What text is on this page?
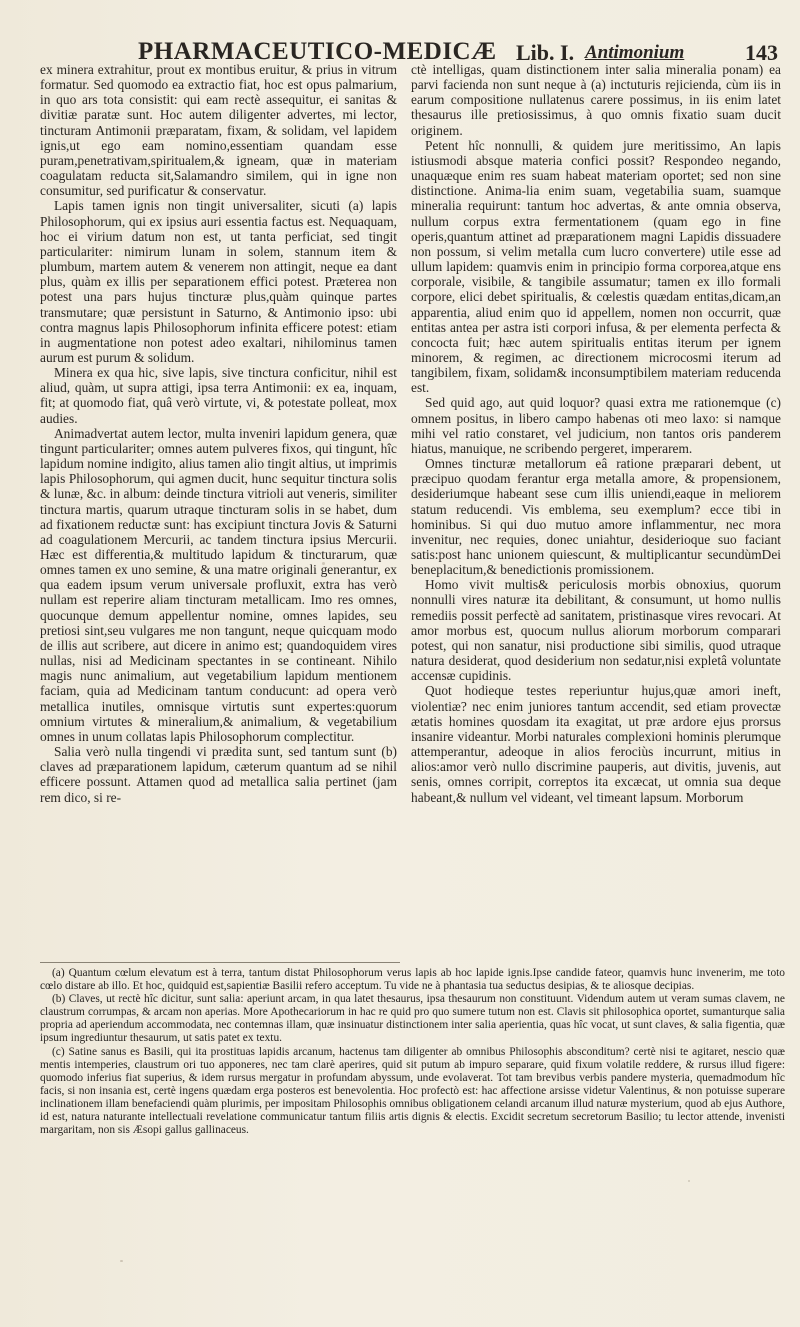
PHARMACEUTICO-MEDICÆ Lib. I. Antimonium	143

ex minera extrahitur, prout ex montibus eruitur, & prius in vitrum formatur. Sed quomodo ea extractio fiat, hoc est opus palmarium, in quo ars tota consistit: qui eam rectè assequitur, ei sanitas & divitiæ paratæ sunt. Hoc autem diligenter advertes, mi lector, tincturam Antimonii præparatam, fixam, & solidam, vel lapidem ignis,ut ego eam nomino,essentiam quandam esse puram,penetrativam,spiritualem,& igneam, quæ in materiam coagulatam reducta sit,Salamandro similem, qui in igne non consumitur, sed purificatur & conservatur.

Lapis tamen ignis non tingit universaliter, sicuti (a) lapis Philosophorum, qui ex ipsius auri essentia factus est. Nequaquam, hoc ei virium datum non est, ut tanta perficiat, sed tingit particulariter: nimirum lunam in solem, stannum item & plumbum, martem autem & venerem non attingit, neque ea dant plus, quàm ex illis per separationem effici potest. Præterea non potest una pars hujus tincturæ plus,quàm quinque partes transmutare; quæ persistunt in Saturno, & Antimonio ipso: ubi contra magnus lapis Philosophorum infinita efficere potest: etiam in augmentatione non potest adeo exaltari, nihilominus tamen aurum est purum & solidum.

Minera ex qua hic, sive lapis, sive tinctura conficitur, nihil est aliud, quàm, ut supra attigi, ipsa terra Antimonii: ex ea, inquam, fit; at quomodo fiat, quâ verò virtute, vi, & potestate polleat, mox audies.

Animadvertat autem lector, multa inveniri lapidum genera, quæ tingunt particulariter; omnes autem pulveres fixos, qui tingunt, hîc lapidum nomine indigito, alius tamen alio tingit altius, ut imprimis lapis Philosophorum, qui agmen ducit, hunc sequitur tinctura solis & lunæ, &c. in album: deinde tinctura vitrioli aut veneris, similiter tinctura martis, quarum utraque tincturam solis in se habet, dum ad fixationem reductæ sunt: has excipiunt tinctura Jovis & Saturni ad coagulationem Mercurii, ac tandem tinctura ipsius Mercurii. Hæc est differentia,& multitudo lapidum & tincturarum, quæ omnes tamen ex uno semine, & una matre originali generantur, ex qua eadem ipsum verum universale profluxit, extra has verò nullam est reperire aliam tincturam metallicam. Imo res omnes, quocunque demum appellentur nomine, omnes lapides, seu pretiosi sint,seu vulgares me non tangunt, neque quicquam modo de illis aut scribere, aut dicere in animo est; quandoquidem vires nullas, nisi ad Medicinam spectantes in se contineant. Nihilo magis nunc animalium, aut vegetabilium lapidum mentionem faciam, quia ad Medicinam tantum conducunt: ad opera verò metallica inutiles, omnisque virtutis sunt expertes:quorum omnium virtutes & mineralium,& animalium, & vegetabilium omnes in unum collatas lapis Philosophorum complectitur.

Salia verò nulla tingendi vi prædita sunt, sed tantum sunt (b) claves ad præparationem lapidum, cæterum quantum ad se nihil efficere possunt. Attamen quod ad metallica salia pertinet (jam rem dico, si re-

ctè intelligas, quam distinctionem inter salia mineralia ponam) ea parvi facienda non sunt neque à (a) inctuturis rejicienda, cùm iis in earum compositione nullatenus carere possimus, in iis enim latet thesaurus ille pretiosissimus, à quo omnis fixatio suam ducit originem.

Petent hîc nonnulli, & quidem jure meritissimo, An lapis istiusmodi absque materia confici possit? Respondeo negando, unaquæque enim res suam habeat materiam oportet; sed non sine distinctione. Anima-lia enim suam, vegetabilia suam, suamque mineralia requirunt: tantum hoc advertas, & ante omnia observa, nullum corpus extra fermentationem (quam ego in fine operis,quantum attinet ad præparationem magni Lapidis dissuadere non possum, si velim metalla cum lucro convertere) utile esse ad ullum lapidem: quamvis enim in principio forma corporea,atque ens corporale, visibile, & tangibile assumatur; tamen ex illo formali corpore, elici debet spiritualis, & cœlestis quædam entitas,dicam,an apparentia, aliud enim quo id appellem, nomen non occurrit, quæ entitas antea per astra isti corpori infusa, & per elementa perfecta & concocta fuit; hæc autem spiritualis entitas iterum per ignem minorem, & regimen, ac directionem microcosmi iterum ad tangibilem, fixam, solidam& inconsumptibilem materiam reducenda est.

Sed quid ago, aut quid loquor? quasi extra me rationemque (c) omnem positus, in libero campo habenas oti meo laxo: si namque mihi vel ratio constaret, vel judicium, non tantos oris panderem hiatus, manuique, ne scribendo pergeret, imperarem.

Omnes tincturæ metallorum eâ ratione præparari debent, ut præcipuo quodam ferantur erga metalla amore, & propensionem, desideriumque habeant sese cum illis uniendi,eaque in meliorem statum reducendi. Vis emblema, seu exemplum? ecce tibi in hominibus. Si qui duo mutuo amore inflammentur, nec mora invenitur, nec requies, donec uniahtur, desiderioque suo faciant satis:post hanc unionem quiescunt, & multiplicantur secundùmDei beneplacitum,& benedictionis promissionem.

Homo vivit multis& periculosis morbis obnoxius, quorum nonnulli vires naturæ ita debilitant, & consumunt, ut homo nullis remediis possit perfectè ad sanitatem, pristinasque vires revocari. At amor morbus est, quocum nullus aliorum morborum comparari potest, qui non sanatur, nisi productione sibi similis, quod utraque natura desiderat, quod desiderium non sedatur,nisi expletâ voluntate accensæ cupidinis.

Quot hodieque testes reperiuntur hujus,quæ amori ineft, violentiæ? nec enim juniores tantum accendit, sed etiam provectæ ætatis homines quosdam ita exagitat, ut præ ardore ejus prorsus insanire videantur. Morbi naturales complexioni hominis plerumque attemperantur, adeoque in alios ferociùs incurrunt, mitius in alios:amor verò nullo discrimine pauperis, aut divitis, juvenis, aut senis, omnes corripit, correptos ita excæcat, ut omnia sua deque habeant,& nullum vel videant, vel timeant lapsum. Morborum

(a) Quantum cœlum elevatum est à terra, tantum distat Philosophorum verus lapis ab hoc lapide ignis.Ipse candide fateor, quamvis hunc invenerim, me toto cœlo distare ab illo. Et hoc, quidquid est,sapientiæ Basilii refero acceptum. Tu vide ne à phantasia tua seductus desipias, & te aliosque decipias.

(b) Claves, ut rectè hîc dicitur, sunt salia: aperiunt arcam, in qua latet thesaurus, ipsa thesaurum non constituunt. Videndum autem ut veram sumas clavem, ne claustrum corrumpas, & arcam non aperias. More Apothecariorum in hac re quid pro quo sumere tutum non est. Clavis sit philosophica oportet, sumanturque salia propria ad aperiendum accommodata, nec contemnas illam, quæ insinuatur distinctionem inter salia aperientia, quas hîc vocat, ut sunt claves, & salia figentia, quæ ipsum ingrediuntur thesaurum, ut satis patet ex textu.

(c) Satine sanus es Basili, qui ita prostituas lapidis arcanum, hactenus tam diligenter ab omnibus Philosophis absconditum? certè nisi te agitaret, nescio quæ mentis intemperies, claustrum ori tuo apponeres, nec tam clarè aperires, quid sit putum ab impuro separare, quid fixum volatile reddere, & rursus illud figere: quomodo inferius fiat superius, & idem rursus mergatur in profundam abyssum, unde evolaverat. Tot tam brevibus verbis pandere mysteria, quemadmodum hîc facis, si non insania est, certè ingens quædam erga posteros est benevolentia. Hoc profectò est: hac affectione arsisse videtur Valentinus, & non potuisse superare inclinationem illam benefaciendi quàm plurimis, per impositam Philosophis omnibus obligationem celandi arcanum illud naturæ mysterium, quod ab ejus Authore, id est, natura naturante intellectuali revelatione communicatur tantum filiis artis dignis & electis. Excidit secretum secretorum Basilio; tu lector attende, invenisti margaritam, non sis Æsopi gallus gallinaceus.
